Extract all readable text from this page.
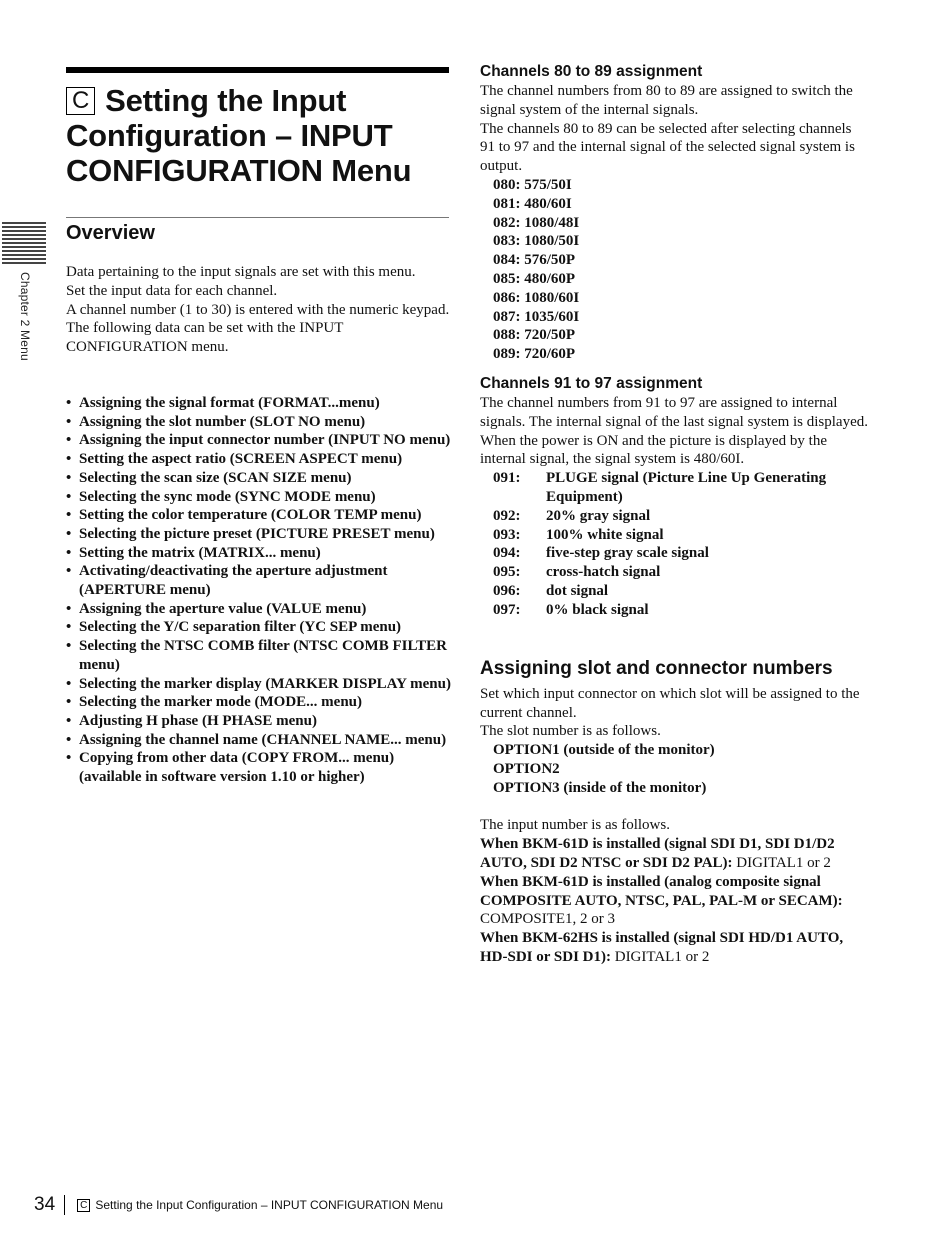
Chapter 2 Menu
C Setting the Input Configuration – INPUT CONFIGURATION Menu
Overview

Data pertaining to the input signals are set with this menu.

Set the input data for each channel.

A channel number (1 to 30) is entered with the numeric keypad.

The following data can be set with the INPUT CONFIGURATION menu.

• Assigning the signal format (FORMAT...menu)
• Assigning the slot number (SLOT NO menu)
• Assigning the input connector number (INPUT NO menu)
• Setting the aspect ratio (SCREEN ASPECT menu)
• Selecting the scan size (SCAN SIZE menu)
• Selecting the sync mode (SYNC MODE menu)
• Setting the color temperature (COLOR TEMP menu)
• Selecting the picture preset (PICTURE PRESET menu)
• Setting the matrix (MATRIX... menu)
• Activating/deactivating the aperture adjustment (APERTURE menu)
• Assigning the aperture value (VALUE menu)
• Selecting the Y/C separation filter (YC SEP menu)
• Selecting the NTSC COMB filter (NTSC COMB FILTER menu)
• Selecting the marker display (MARKER DISPLAY menu)
• Selecting the marker mode (MODE... menu)
• Adjusting H phase (H PHASE menu)
• Assigning the channel name (CHANNEL NAME... menu)
• Copying from other data (COPY FROM... menu) (available in software version 1.10 or higher)
Channels 80 to 89 assignment

The channel numbers from 80 to 89 are assigned to switch the signal system of the internal signals.

The channels 80 to 89 can be selected after selecting channels 91 to 97 and the internal signal of the selected signal system is output.

080: 575/50I
081: 480/60I
082: 1080/48I
083: 1080/50I
084: 576/50P
085: 480/60P
086: 1080/60I
087: 1035/60I
088: 720/50P
089: 720/60P
Channels 91 to 97 assignment

The channel numbers from 91 to 97 are assigned to internal signals. The internal signal of the last signal system is displayed. When the power is ON and the picture is displayed by the internal signal, the signal system is 480/60I.

091:	PLUGE signal (Picture Line Up Generating Equipment)
092:	20% gray signal
093:	100% white signal
094:	five-step gray scale signal
095:	cross-hatch signal
096:	dot signal
097:	0% black signal
Assigning slot and connector numbers

Set which input connector on which slot will be assigned to the current channel.

The slot number is as follows.

OPTION1 (outside of the monitor)
OPTION2
OPTION3 (inside of the monitor)

The input number is as follows.

When BKM-61D is installed (signal SDI D1, SDI D1/D2 AUTO, SDI D2 NTSC or SDI D2 PAL): DIGITAL1 or 2

When BKM-61D is installed (analog composite signal COMPOSITE AUTO, NTSC, PAL, PAL-M or SECAM): COMPOSITE1, 2 or 3

When BKM-62HS is installed (signal SDI HD/D1 AUTO, HD-SDI or SDI D1): DIGITAL1 or 2

34	C Setting the Input Configuration – INPUT CONFIGURATION Menu
